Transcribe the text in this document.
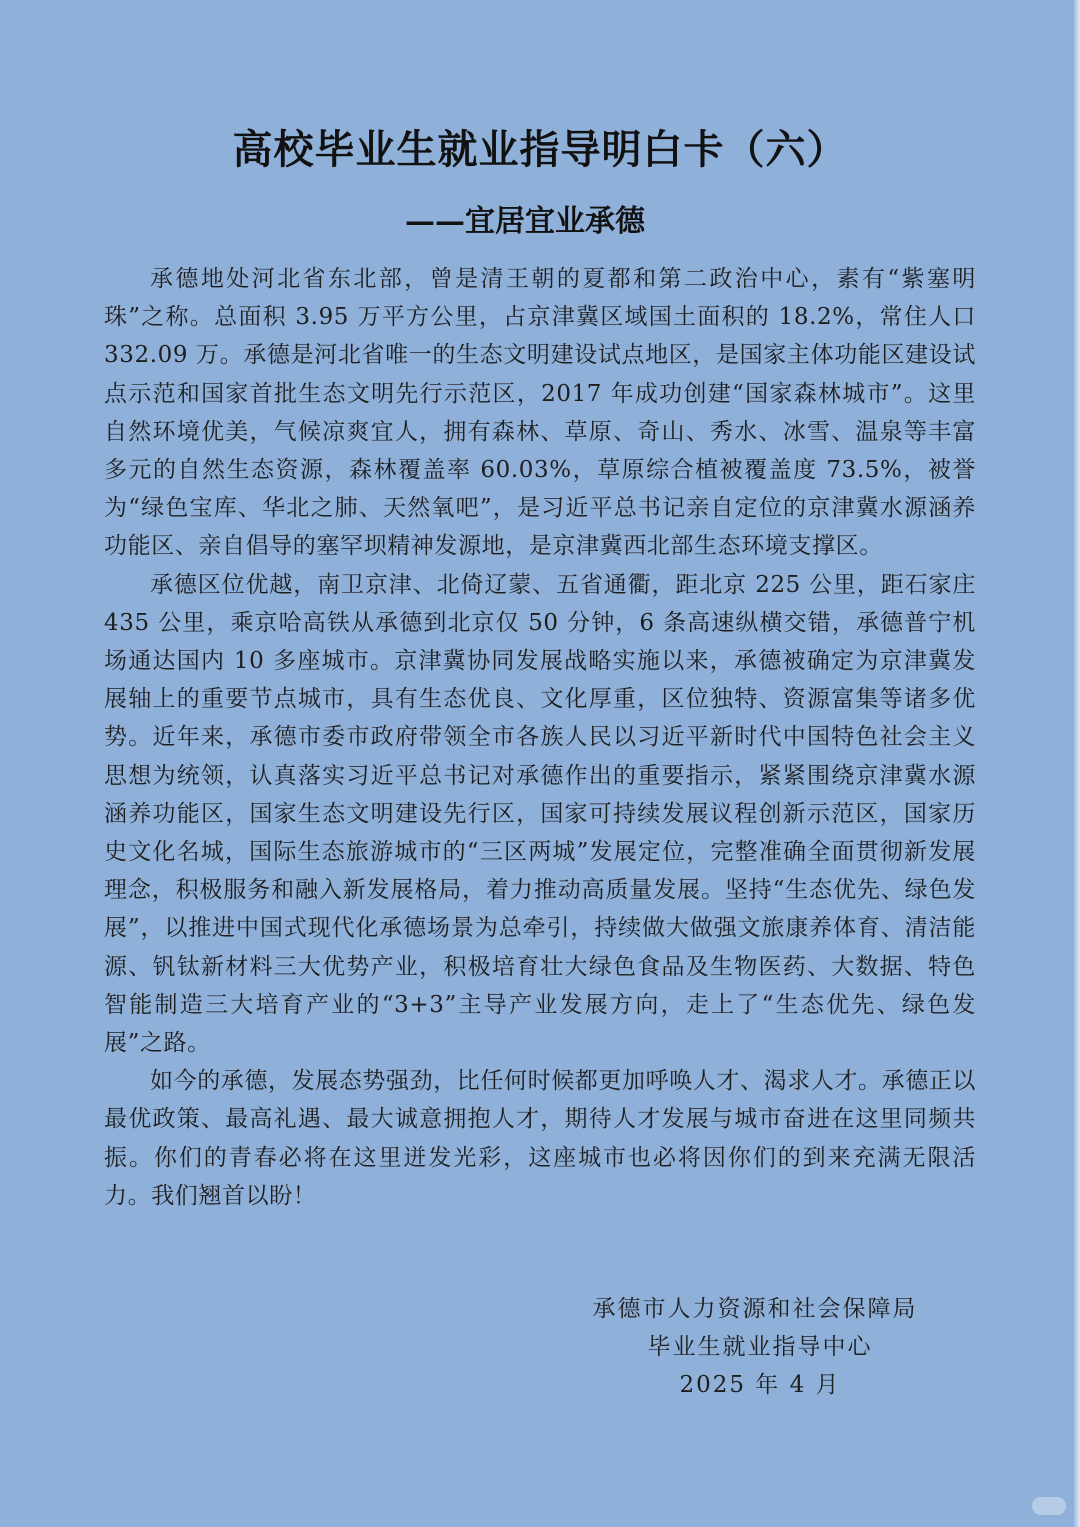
高校毕业生就业指导明白卡（六）
——宜居宜业承德

承德地处河北省东北部，曾是清王朝的夏都和第二政治中心，素有“紫塞明珠”之称。总面积 3.95 万平方公里，占京津冀区域国土面积的 18.2%，常住人口 332.09 万。承德是河北省唯一的生态文明建设试点地区，是国家主体功能区建设试点示范和国家首批生态文明先行示范区，2017 年成功创建“国家森林城市”。这里自然环境优美，气候凉爽宜人，拥有森林、草原、奇山、秀水、冰雪、温泉等丰富多元的自然生态资源，森林覆盖率 60.03%，草原综合植被覆盖度 73.5%，被誉为“绿色宝库、华北之肺、天然氧吧”，是习近平总书记亲自定位的京津冀水源涵养功能区、亲自倡导的塞罕坝精神发源地，是京津冀西北部生态环境支撑区。

承德区位优越，南卫京津、北倚辽蒙、五省通衢，距北京 225 公里，距石家庄 435 公里，乘京哈高铁从承德到北京仅 50 分钟，6 条高速纵横交错，承德普宁机场通达国内 10 多座城市。京津冀协同发展战略实施以来，承德被确定为京津冀发展轴上的重要节点城市，具有生态优良、文化厚重，区位独特、资源富集等诸多优势。近年来，承德市委市政府带领全市各族人民以习近平新时代中国特色社会主义思想为统领，认真落实习近平总书记对承德作出的重要指示，紧紧围绕京津冀水源涵养功能区，国家生态文明建设先行区，国家可持续发展议程创新示范区，国家历史文化名城，国际生态旅游城市的“三区两城”发展定位，完整准确全面贯彻新发展理念，积极服务和融入新发展格局，着力推动高质量发展。坚持“生态优先、绿色发展”，以推进中国式现代化承德场景为总牵引，持续做大做强文旅康养体育、清洁能源、钒钛新材料三大优势产业，积极培育壮大绿色食品及生物医药、大数据、特色智能制造三大培育产业的“3+3”主导产业发展方向，走上了“生态优先、绿色发展”之路。

如今的承德，发展态势强劲，比任何时候都更加呼唤人才、渴求人才。承德正以最优政策、最高礼遇、最大诚意拥抱人才，期待人才发展与城市奋进在这里同频共振。你们的青春必将在这里迸发光彩，这座城市也必将因你们的到来充满无限活力。我们翘首以盼！

承德市人力资源和社会保障局
毕业生就业指导中心
2025 年 4 月
